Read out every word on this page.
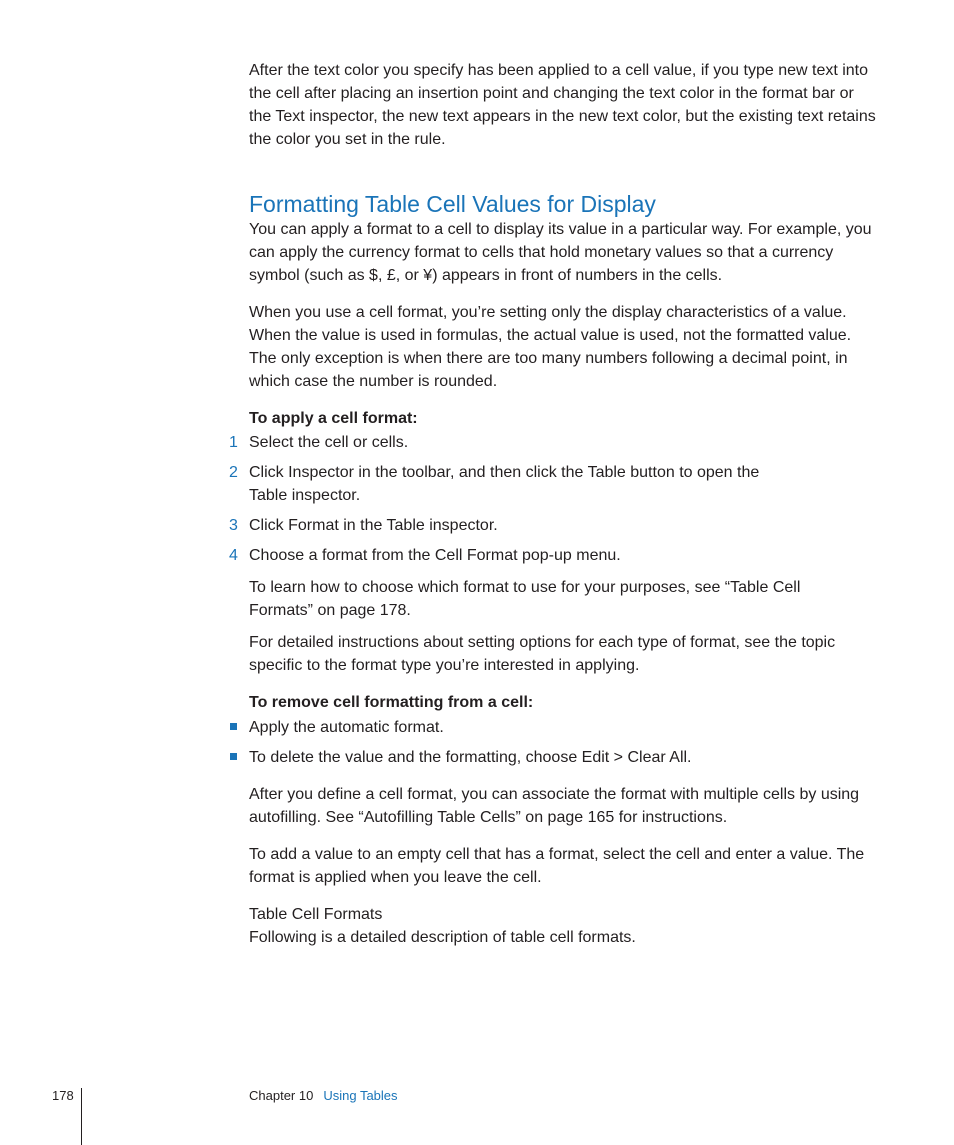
After the text color you specify has been applied to a cell value, if you type new text into the cell after placing an insertion point and changing the text color in the format bar or the Text inspector, the new text appears in the new text color, but the existing text retains the color you set in the rule.

Formatting Table Cell Values for Display

You can apply a format to a cell to display its value in a particular way. For example, you can apply the currency format to cells that hold monetary values so that a currency symbol (such as $, £, or ¥) appears in front of numbers in the cells.

When you use a cell format, you’re setting only the display characteristics of a value. When the value is used in formulas, the actual value is used, not the formatted value. The only exception is when there are too many numbers following a decimal point, in which case the number is rounded.

To apply a cell format:

1 Select the cell or cells.

2 Click Inspector in the toolbar, and then click the Table button to open the Table inspector.

3 Click Format in the Table inspector.

4 Choose a format from the Cell Format pop-up menu.

To learn how to choose which format to use for your purposes, see “Table Cell Formats” on page 178.

For detailed instructions about setting options for each type of format, see the topic specific to the format type you’re interested in applying.

To remove cell formatting from a cell:

Apply the automatic format.

To delete the value and the formatting, choose Edit > Clear All.

After you define a cell format, you can associate the format with multiple cells by using autofilling. See “Autofilling Table Cells” on page 165 for instructions.

To add a value to an empty cell that has a format, select the cell and enter a value. The format is applied when you leave the cell.

Table Cell Formats

Following is a detailed description of table cell formats.

178	Chapter 10 Using Tables
